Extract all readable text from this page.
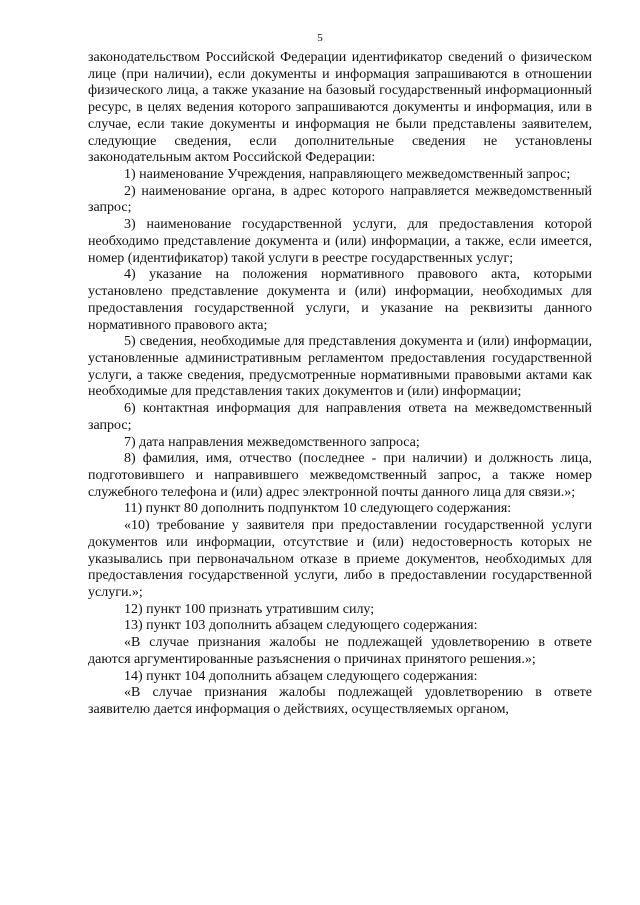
5

законодательством Российской Федерации идентификатор сведений о физическом лице (при наличии), если документы и информация запрашиваются в отношении физического лица, а также указание на базовый государственный информационный ресурс, в целях ведения которого запрашиваются документы и информация, или в случае, если такие документы и информация не были представлены заявителем, следующие сведения, если дополнительные сведения не установлены законодательным актом Российской Федерации:

1) наименование Учреждения, направляющего межведомственный запрос;

2) наименование органа, в адрес которого направляется межведомственный запрос;

3) наименование государственной услуги, для предоставления которой необходимо представление документа и (или) информации, а также, если имеется, номер (идентификатор) такой услуги в реестре государственных услуг;

4) указание на положения нормативного правового акта, которыми установлено представление документа и (или) информации, необходимых для предоставления государственной услуги, и указание на реквизиты данного нормативного правового акта;

5) сведения, необходимые для представления документа и (или) информации, установленные административным регламентом предоставления государственной услуги, а также сведения, предусмотренные нормативными правовыми актами как необходимые для представления таких документов и (или) информации;

6) контактная информация для направления ответа на межведомственный запрос;

7) дата направления межведомственного запроса;

8) фамилия, имя, отчество (последнее - при наличии) и должность лица, подготовившего и направившего межведомственный запрос, а также номер служебного телефона и (или) адрес электронной почты данного лица для связи.»;

11) пункт 80 дополнить подпунктом 10 следующего содержания:

«10) требование у заявителя при предоставлении государственной услуги документов или информации, отсутствие и (или) недостоверность которых не указывались при первоначальном отказе в приеме документов, необходимых для предоставления государственной услуги, либо в предоставлении государственной услуги.»;

12) пункт 100 признать утратившим силу;

13) пункт 103 дополнить абзацем следующего содержания:

«В случае признания жалобы не подлежащей удовлетворению в ответе даются аргументированные разъяснения о причинах принятого решения.»;

14) пункт 104 дополнить абзацем следующего содержания:

«В случае признания жалобы подлежащей удовлетворению в ответе заявителю дается информация о действиях, осуществляемых органом,
